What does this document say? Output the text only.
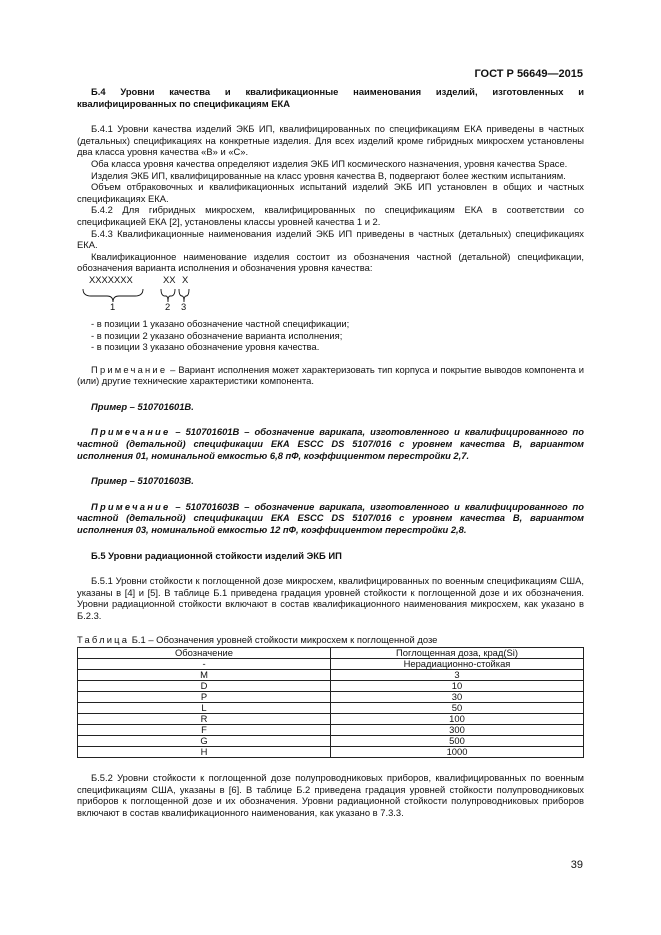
ГОСТ Р 56649—2015

Б.4 Уровни качества и квалификационные наименования изделий, изготовленных и квалифицированных по спецификациям ЕКА

Б.4.1 Уровни качества изделий ЭКБ ИП, квалифицированных по спецификациям ЕКА приведены в частных (детальных) спецификациях на конкретные изделия. Для всех изделий кроме гибридных микросхем установлены два класса уровня качества «В» и «С».

Оба класса уровня качества определяют изделия ЭКБ ИП космического назначения, уровня качества Space.

Изделия ЭКБ ИП, квалифицированные на класс уровня качества В, подвергают более жестким испытаниям.

Объем отбраковочных и квалификационных испытаний изделий ЭКБ ИП установлен в общих и частных спецификациях ЕКА.

Б.4.2 Для гибридных микросхем, квалифицированных по спецификациям ЕКА в соответствии со спецификацией ЕКА [2], установлены классы уровней качества 1 и 2.

Б.4.3 Квалификационные наименования изделий ЭКБ ИП приведены в частных (детальных) спецификациях ЕКА.

Квалификационное наименование изделия состоит из обозначения частной (детальной) спецификации, обозначения варианта исполнения и обозначения уровня качества:

ХХХХХХХ	ХХ Х
1	2 3

- в позиции 1 указано обозначение частной спецификации;

- в позиции 2 указано обозначение варианта исполнения;

- в позиции 3 указано обозначение уровня качества.

Примечание – Вариант исполнения может характеризовать тип корпуса и покрытие выводов компонента и (или) другие технические характеристики компонента.

Пример – 510701601В.

Примечание – 510701601В – обозначение варикапа, изготовленного и квалифицированного по частной (детальной) спецификации ЕКА ESCC DS 5107/016 с уровнем качества В, вариантом исполнения 01, номинальной емкостью 6,8 пФ, коэффициентом перестройки 2,7.

Пример – 510701603В.

Примечание – 510701603В – обозначение варикапа, изготовленного и квалифицированного по частной (детальной) спецификации ЕКА ESCC DS 5107/016 с уровнем качества В, вариантом исполнения 03, номинальной емкостью 12 пФ, коэффициентом перестройки 2,8.

Б.5 Уровни радиационной стойкости изделий ЭКБ ИП

Б.5.1 Уровни стойкости к поглощенной дозе микросхем, квалифицированных по военным спецификациям США, указаны в [4] и [5]. В таблице Б.1 приведена градация уровней стойкости к поглощенной дозе и их обозначения. Уровни радиационной стойкости включают в состав квалификационного наименования микросхем, как указано в Б.2.3.

Таблица Б.1 – Обозначения уровней стойкости микросхем к поглощенной дозе

Обозначение	Поглощенная доза, крад(Si)
-	Нерадиационно-стойкая
M	3
D	10
P	30
L	50
R	100
F	300
G	500
H	1000

Б.5.2 Уровни стойкости к поглощенной дозе полупроводниковых приборов, квалифицированных по военным спецификациям США, указаны в [6]. В таблице Б.2 приведена градация уровней стойкости полупроводниковых приборов к поглощенной дозе и их обозначения. Уровни радиационной стойкости полупроводниковых приборов включают в состав квалификационного наименования, как указано в 7.3.3.

39
